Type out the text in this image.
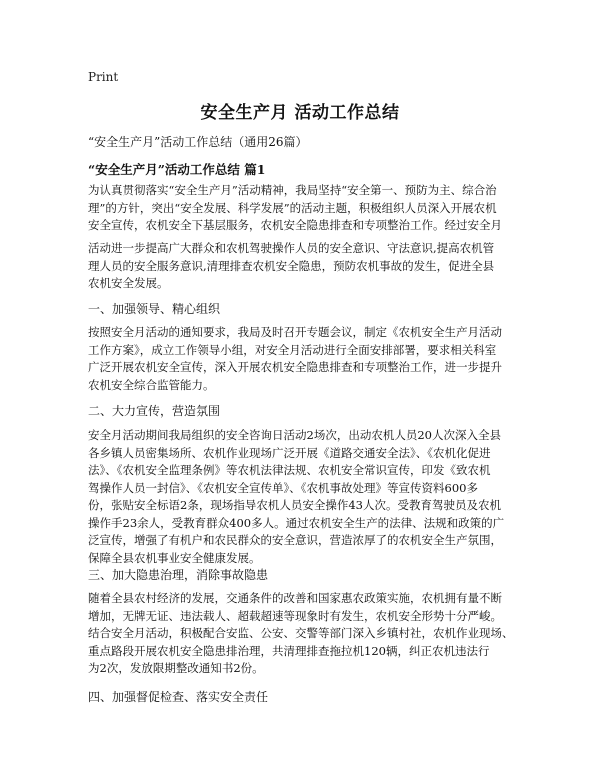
Print
安全生产月 活动工作总结
“安全生产月”活动工作总结（通用26篇）
“安全生产月”活动工作总结 篇1
为认真贯彻落实“安全生产月”活动精神，我局坚持“安全第一、预防为主、综合治
理”的方针，突出“安全发展、科学发展”的活动主题，积极组织人员深入开展农机
安全宣传，农机安全下基层服务，农机安全隐患排查和专项整治工作。经过安全月
活动进一步提高广大群众和农机驾驶操作人员的安全意识、守法意识,提高农机管
理人员的安全服务意识,清理排查农机安全隐患，预防农机事故的发生，促进全县
农机安全发展。
一、加强领导、精心组织
按照安全月活动的通知要求，我局及时召开专题会议，制定《农机安全生产月活动
工作方案》，成立工作领导小组，对安全月活动进行全面安排部署，要求相关科室
广泛开展农机安全宣传，深入开展农机安全隐患排查和专项整治工作，进一步提升
农机安全综合监管能力。
二、大力宣传，营造氛围
安全月活动期间我局组织的安全咨询日活动2场次，出动农机人员20人次深入全县
各乡镇人员密集场所、农机作业现场广泛开展《道路交通安全法》、《农机化促进
法》、《农机安全监理条例》等农机法律法规、农机安全常识宣传，印发《致农机
驾操作人员一封信》、《农机安全宣传单》、《农机事故处理》等宣传资料600多
份，张贴安全标语2条，现场指导农机人员安全操作43人次。受教育驾驶员及农机
操作手23余人，受教育群众400多人。通过农机安全生产的法律、法规和政策的广
泛宣传，增强了有机户和农民群众的安全意识，营造浓厚了的农机安全生产氛围，
保障全县农机事业安全健康发展。
三、加大隐患治理，消除事故隐患
随着全县农村经济的发展，交通条件的改善和国家惠农政策实施，农机拥有量不断
增加，无牌无证、违法载人、超载超速等现象时有发生，农机安全形势十分严峻。
结合安全月活动，积极配合安监、公安、交警等部门深入乡镇村社，农机作业现场、
重点路段开展农机安全隐患排治理，共清理排查拖拉机120辆，纠正农机违法行
为2次，发放限期整改通知书2份。
四、加强督促检查、落实安全责任
